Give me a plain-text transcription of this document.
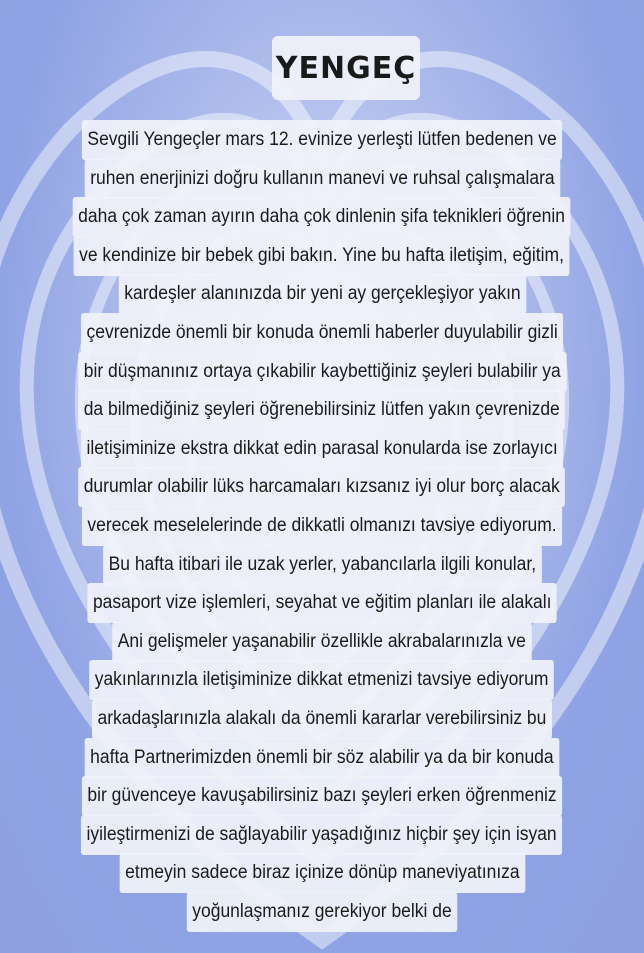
YENGEÇ
Sevgili Yengeçler mars 12. evinize yerleşti lütfen bedenen ve
ruhen enerjinizi doğru kullanın manevi ve ruhsal çalışmalara
daha çok zaman ayırın daha çok dinlenin şifa teknikleri öğrenin
ve kendinize bir bebek gibi bakın. Yine bu hafta iletişim, eğitim,
kardeşler alanınızda bir yeni ay gerçekleşiyor yakın
çevrenizde önemli bir konuda önemli haberler duyulabilir gizli
bir düşmanınız ortaya çıkabilir kaybettiğiniz şeyleri bulabilir ya
da bilmediğiniz şeyleri öğrenebilirsiniz lütfen yakın çevrenizde
iletişiminize ekstra dikkat edin parasal konularda ise zorlayıcı
durumlar olabilir lüks harcamaları kızsanız iyi olur borç alacak
verecek meselelerinde de dikkatli olmanızı tavsiye ediyorum.
Bu hafta itibari ile uzak yerler, yabancılarla ilgili konular,
pasaport vize işlemleri, seyahat ve eğitim planları ile alakalı
Ani gelişmeler yaşanabilir özellikle akrabalarınızla ve
yakınlarınızla iletişiminize dikkat etmenizi tavsiye ediyorum
arkadaşlarınızla alakalı da önemli kararlar verebilirsiniz bu
hafta Partnerimizden önemli bir söz alabilir ya da bir konuda
bir güvenceye kavuşabilirsiniz bazı şeyleri erken öğrenmeniz
iyileştirmenizi de sağlayabilir yaşadığınız hiçbir şey için isyan
etmeyin sadece biraz içinize dönüp maneviyatınıza
yoğunlaşmanız gerekiyor belki de
